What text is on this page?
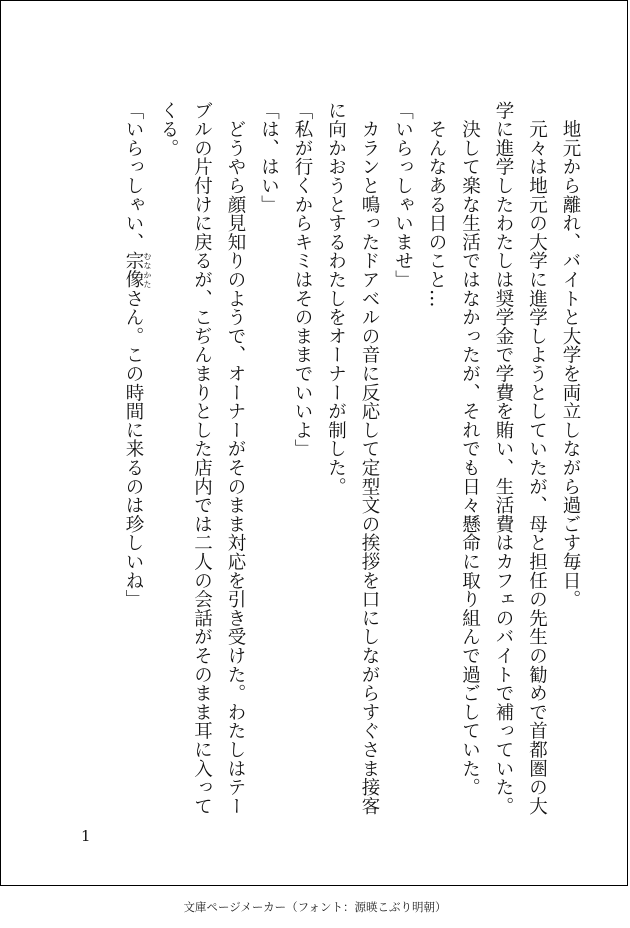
　地元から離れ、バイトと大学を両立しながら過ごす毎日。

　元々は地元の大学に進学しようとしていたが、母と担任の先生の勧めで首都圏の大学に進学したわたしは奨学金で学費を賄い、生活費はカフェのバイトで補っていた。

　決して楽な生活ではなかったが、それでも日々懸命に取り組んで過ごしていた。

　そんなある日のこと…

「いらっしゃいませ」

　カランと鳴ったドアベルの音に反応して定型文の挨拶を口にしながらすぐさま接客に向かおうとするわたしをオーナーが制した。

「私が行くからキミはそのままでいいよ」

「は、はい」

　どうやら顔見知りのようで、オーナーがそのまま対応を引き受けた。わたしはテーブルの片付けに戻るが、こぢんまりとした店内では二人の会話がそのまま耳に入ってくる。

「いらっしゃい、宗像 むなかたさん。この時間に来るのは珍しいね」

1
文庫ページメーカー（フォント：源暎こぶり明朝）
